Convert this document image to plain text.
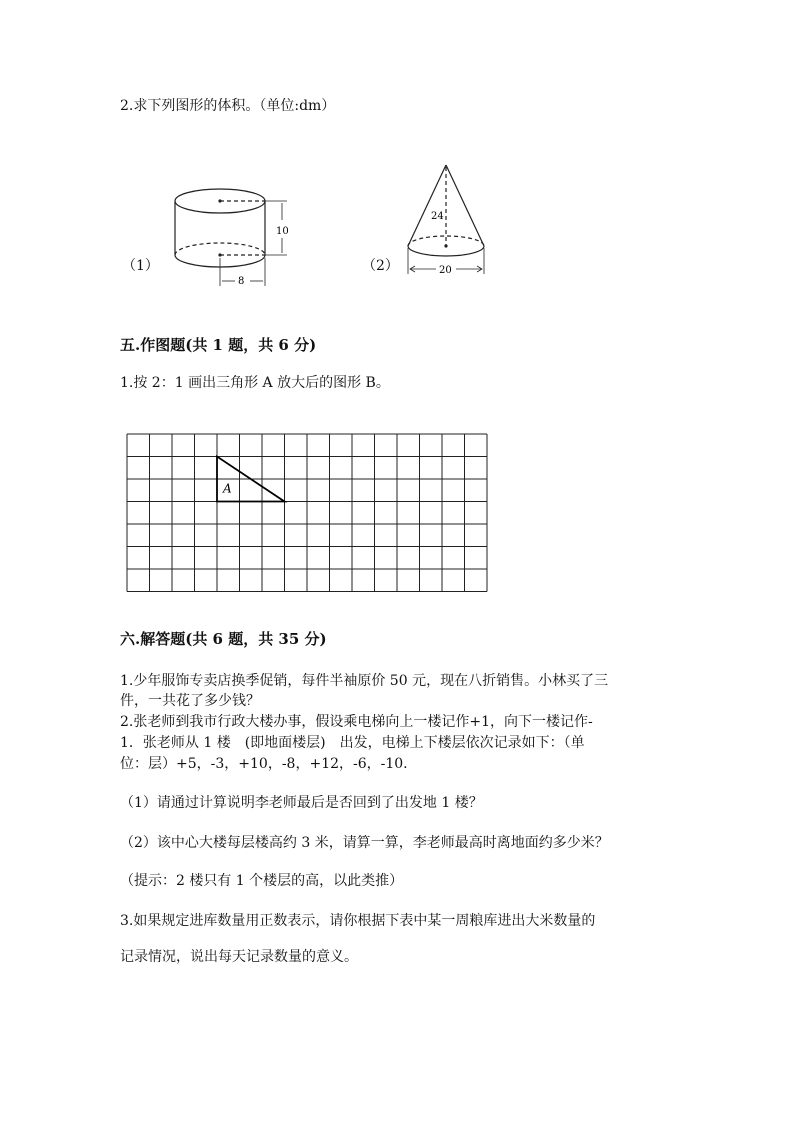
2.求下列图形的体积。（单位:dm）
（1）
10
8
（2）
24
20
五.作图题(共 1 题，共 6 分)
1.按 2：1 画出三角形 A 放大后的图形 B。
A
六.解答题(共 6 题，共 35 分)
1.少年服饰专卖店换季促销，每件半袖原价 50 元，现在八折销售。小林买了三
件，一共花了多少钱？
2.张老师到我市行政大楼办事，假设乘电梯向上一楼记作+1，向下一楼记作-
1．张老师从 1 楼　(即地面楼层)　出发，电梯上下楼层依次记录如下：（单
位：层）+5，-3，+10，-8，+12，-6，-10.
（1）请通过计算说明李老师最后是否回到了出发地 1 楼？
（2）该中心大楼每层楼高约 3 米，请算一算，李老师最高时离地面约多少米？
（提示：2 楼只有 1 个楼层的高，以此类推）
3.如果规定进库数量用正数表示，请你根据下表中某一周粮库进出大米数量的
记录情况，说出每天记录数量的意义。
